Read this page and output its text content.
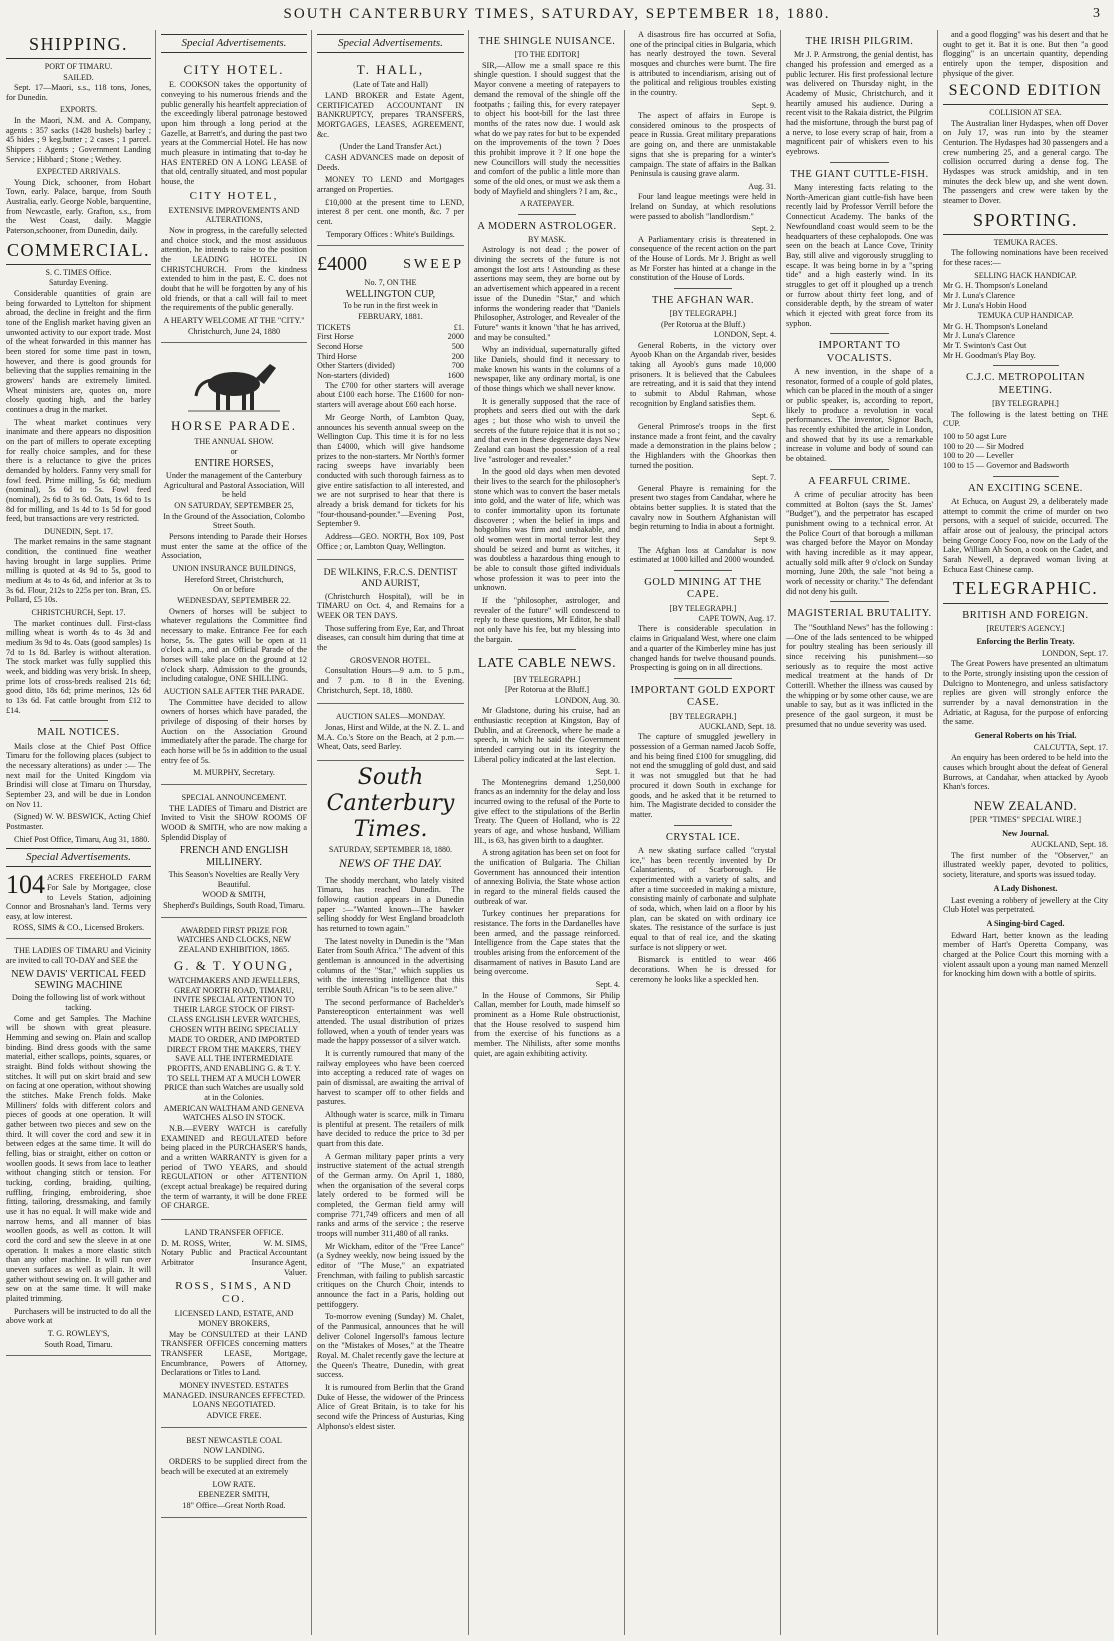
SOUTH CANTERBURY TIMES, SATURDAY, SEPTEMBER 18, 1880.	3
SHIPPING.
PORT OF TIMARU.
SAILED.

Sept. 17—Maori, s.s., 118 tons, Jones, for Dunedin.

EXPORTS.

In the Maori, N.M. and A. Company, agents : 357 sacks (1428 bushels) barley ; 45 hides ; 9 keg.butter ; 2 cases ; 1 parcel. Shippers : Agents ; Government Landing Service ; Hibbard ; Stone ; Wethey.

EXPECTED ARRIVALS.

Young Dick, schooner, from Hobart Town, early. Palace, barque, from South Australia, early. George Noble, barquentine, from Newcastle, early. Grafton, s.s., from the West Coast, daily. Maggie Paterson,schooner, from Dunedin, daily.

COMMERCIAL.
S. C. TIMES Office.
Saturday Evening.

Considerable quantities of grain are being forwarded to Lyttelton for shipment abroad, the decline in freight and the firm tone of the English market having given an unwonted activity to our export trade. Most of the wheat forwarded in this manner has been stored for some time past in town, however, and there is good grounds for believing that the supplies remaining in the growers' hands are extremely limited. Wheat ministers are, quotes on, more closely quoting high, and the barley continues a drug in the market.

The wheat market continues very inanimate and there appears no disposition on the part of millers to operate excepting for really choice samples, and for these there is a reluctance to give the prices demanded by holders. Fanny very small for fowl feed. Prime milling, 5s 6d; medium (nominal), 5s 6d to 5s. Fowl feed (nominal), 2s 6d to 3s 6d. Oats, 1s 6d to 1s 8d for milling, and 1s 4d to 1s 5d for good feed, but transactions are very restricted.

DUNEDIN, Sept. 17.

The market remains in the same stagnant condition, the continued fine weather having brought in large supplies. Prime milling is quoted at 4s 9d to 5s, good to medium at 4s to 4s 6d, and inferior at 3s to 3s 6d. Flour, 212s to 225s per ton. Bran, £5. Pollard, £5 10s.

CHRISTCHURCH, Sept. 17.

The market continues dull. First-class milling wheat is worth 4s to 4s 3d and medium 3s 9d to 4s. Oats (good samples) 1s 7d to 1s 8d. Barley is without alteration. The stock market was fully supplied this week, and bidding was very brisk. In sheep, prime lots of cross-breds realised 21s 6d; good ditto, 18s 6d; prime merinos, 12s 6d to 13s 6d. Fat cattle brought from £12 to £14.

MAIL NOTICES.

Mails close at the Chief Post Office Timaru for the following places (subject to the necessary alterations) as under :— The next mail for the United Kingdom via Brindisi will close at Timaru on Thursday, September 23, and will be due in London on Nov 11.

(Signed) W. W. BESWICK, Acting Chief Postmaster.

Chief Post Office, Timaru, Aug 31, 1880.

Special Advertisements.
104 ACRES FREEHOLD FARM For Sale by Mortgagee, close to Levels Station, adjoining Connor and Brosnahan's land. Terms very easy, at low interest.
ROSS, SIMS & CO., Licensed Brokers.

THE LADIES OF TIMARU and Vicinity are invited to call TO-DAY and SEE the

NEW DAVIS' VERTICAL FEED SEWING MACHINE
Doing the following list of work without tacking.

Come and get Samples. The Machine will be shown with great pleasure. Hemming and sewing on. Plain and scallop binding. Bind dress goods with the same material, either scallops, points, squares, or straight. Bind folds without showing the stitches. It will put on skirt braid and sew on facing at one operation, without showing the stitches. Make French folds. Make Milliners' folds with different colors and pieces of goods at one operation. It will gather between two pieces and sew on the third. It will cover the cord and sew it in between edges at the same time. It will do felling, bias or straight, either on cotton or woollen goods. It sews from lace to leather without changing stitch or tension. For tucking, cording, braiding, quilting, ruffling, fringing, embroidering, shoe fitting, tailoring, dressmaking, and family use it has no equal. It will make wide and narrow hems, and all manner of bias woollen goods, as well as cotton. It will cord the cord and sew the sleeve in at one operation. It makes a more elastic stitch than any other machine. It will run over uneven surfaces as well as plain. It will gather without sewing on. It will gather and sew on at the same time. It will make plaited trimming.

Purchasers will be instructed to do all the above work at

T. G. ROWLEY'S,
South Road, Timaru.
Special Advertisements.
CITY HOTEL.

E. COOKSON takes the opportunity of conveying to his numerous friends and the public generally his heartfelt appreciation of the exceedingly liberal patronage bestowed upon him through a long period at the Gazelle, at Barrett's, and during the past two years at the Commercial Hotel. He has now much pleasure in intimating that to-day he HAS ENTERED ON A LONG LEASE of that old, centrally situated, and most popular house, the

CITY HOTEL,
EXTENSIVE IMPROVEMENTS AND ALTERATIONS,

Now in progress, in the carefully selected and choice stock, and the most assiduous attention, he intends to raise to the position the LEADING HOTEL IN CHRISTCHURCH. From the kindness extended to him in the past, E. C. does not doubt that he will be forgotten by any of his old friends, or that a call will fail to meet the requirements of the public generally.

A HEARTY WELCOME AT THE "CITY."
Christchurch, June 24, 1880
HORSE PARADE.
THE ANNUAL SHOW.
or
ENTIRE HORSES,
Under the management of the Canterbury Agricultural and Pastoral Association, Will be held
ON SATURDAY, SEPTEMBER 25,
In the Ground of the Association, Colombo Street South.

Persons intending to Parade their Horses must enter the same at the office of the Association,

UNION INSURANCE BUILDINGS,
Hereford Street, Christchurch,
On or before
WEDNESDAY, SEPTEMBER 22.

Owners of horses will be subject to whatever regulations the Committee find necessary to make. Entrance Fee for each horse, 5s. The gates will be open at 11 o'clock a.m., and an Official Parade of the horses will take place on the ground at 12 o'clock sharp. Admission to the grounds, including catalogue, ONE SHILLING.

AUCTION SALE AFTER THE PARADE.

The Committee have decided to allow owners of horses which have paraded, the privilege of disposing of their horses by Auction on the Association Ground immediately after the parade. The charge for each horse will be 5s in addition to the usual entry fee of 5s.

M. MURPHY, Secretary.
SPECIAL ANNOUNCEMENT.

THE LADIES of Timaru and District are Invited to Visit the SHOW ROOMS OF WOOD & SMITH, who are now making a Splendid Display of

FRENCH AND ENGLISH MILLINERY.
This Season's Novelties are Really Very Beautiful.
WOOD & SMITH,
Shepherd's Buildings, South Road, Timaru.
AWARDED FIRST PRIZE FOR WATCHES AND CLOCKS, NEW ZEALAND EXHIBITION, 1865.
G. & T. YOUNG,
WATCHMAKERS AND JEWELLERS, GREAT NORTH ROAD, TIMARU, INVITE SPECIAL ATTENTION TO THEIR LARGE STOCK OF FIRST-CLASS ENGLISH LEVER WATCHES,
CHOSEN WITH BEING SPECIALLY MADE TO ORDER, AND IMPORTED DIRECT FROM THE MAKERS, THEY SAVE ALL THE INTERMEDIATE PROFITS, AND ENABLING G. & T. Y. TO SELL THEM AT A MUCH LOWER PRICE than such Watches are usually sold at in the Colonies.
AMERICAN WALTHAM AND GENEVA WATCHES ALSO IN STOCK.

N.B.—EVERY WATCH is carefully EXAMINED and REGULATED before being placed in the PURCHASER'S hands, and a written WARRANTY is given for a period of TWO YEARS, and should REGULATION or other ATTENTION (except actual breakage) be required during the term of warranty, it will be done FREE OF CHARGE.

LAND TRANSFER OFFICE.
D. M. ROSS, Writer, Notary Public and Arbitrator
W. M. SIMS, Practical Accountant Insurance Agent, Valuer.
ROSS, SIMS, AND CO.
LICENSED LAND, ESTATE, AND MONEY BROKERS,

May be CONSULTED at their LAND TRANSFER OFFICES concerning matters TRANSFER LEASE, Mortgage, Encumbrance, Powers of Attorney, Declarations or Titles to Land.

MONEY INVESTED. ESTATES MANAGED. INSURANCES EFFECTED. LOANS NEGOTIATED.
ADVICE FREE.
BEST NEWCASTLE COAL
NOW LANDING.

ORDERS to be supplied direct from the beach will be executed at an extremely

LOW RATE.
EBENEZER SMITH,
18" Office—Great North Road.
Special Advertisements.
T. HALL,
(Late of Tate and Hall)

LAND BROKER and Estate Agent, CERTIFICATED ACCOUNTANT IN BANKRUPTCY, prepares TRANSFERS, MORTGAGES, LEASES, AGREEMENT, &c.

(Under the Land Transfer Act.)

CASH ADVANCES made on deposit of Deeds.

MONEY TO LEND and Mortgages arranged on Properties.

£10,000 at the present time to LEND, interest 8 per cent. one month, &c. 7 per cent.

Temporary Offices : White's Buildings.
£4000	SWEEP
No. 7, ON THE
WELLINGTON CUP,
To be run in the first week in
FEBRUARY, 1881.
TICKETS	£1.
First Horse	2000
Second Horse	500
Third Horse	200
Other Starters (divided)	700
Non-starters (divided)	1600

The £700 for other starters will average about £100 each horse. The £1600 for non-starters will average about £60 each horse.

Mr George North, of Lambton Quay, announces his seventh annual sweep on the Wellington Cup. This time it is for no less than £4000, which will give handsome prizes to the non-starters. Mr North's former racing sweeps have invariably been conducted with such thorough fairness as to give entire satisfaction to all interested, and we are not surprised to hear that there is already a brisk demand for tickets for his "four-thousand-pounder."—Evening Post, September 9.

Address—GEO. NORTH, Box 109, Post Office ; or, Lambton Quay, Wellington.

DE WILKINS, F.R.C.S. DENTIST AND AURIST,

(Christchurch Hospital), will be in TIMARU on Oct. 4, and Remains for a WEEK OR TEN DAYS.

Those suffering from Eye, Ear, and Throat diseases, can consult him during that time at the

GROSVENOR HOTEL.

Consultation Hours—9 a.m. to 5 p.m., and 7 p.m. to 8 in the Evening. Christchurch, Sept. 18, 1880.

AUCTION SALES—MONDAY.

Jonas, Hirst and Wilde, at the N. Z. L. and M.A. Co.'s Store on the Beach, at 2 p.m.—Wheat, Oats, seed Barley.

South Canterbury Times.
SATURDAY, SEPTEMBER 18, 1880.
NEWS OF THE DAY.

The shoddy merchant, who lately visited Timaru, has reached Dunedin. The following caution appears in a Dunedin paper :—"Wanted known—The hawker selling shoddy for West England broadcloth has returned to town again."

The latest novelty in Dunedin is the "Man Eater from South Africa." The advent of this gentleman is announced in the advertising columns of the "Star," which supplies us with the interesting intelligence that this terrible South African "is to be seen alive."

The second performance of Bachelder's Panstereopticon entertainment was well attended. The usual distribution of prizes followed, when a youth of tender years was made the happy possessor of a silver watch.

It is currently rumoured that many of the railway employees who have been coerced into accepting a reduced rate of wages on pain of dismissal, are awaiting the arrival of harvest to scamper off to other fields and pastures.

Although water is scarce, milk in Timaru is plentiful at present. The retailers of milk have decided to reduce the price to 3d per quart from this date.

A German military paper prints a very instructive statement of the actual strength of the German army. On April 1, 1880, when the organisation of the several corps lately ordered to be formed will be completed, the German field army will comprise 771,749 officers and men of all ranks and arms of the service ; the reserve troops will number 311,480 of all ranks.

Mr Wickham, editor of the "Free Lance" (a Sydney weekly, now being issued by the editor of "The Muse," an expatriated Frenchman, with failing to publish sarcastic critiques on the Church Choir, intends to announce the fact in a Paris, holding out pettifoggery.

To-morrow evening (Sunday) M. Chalet, of the Panmusical, announces that he will deliver Colonel Ingersoll's famous lecture on the "Mistakes of Moses," at the Theatre Royal. M. Chalet recently gave the lecture at the Queen's Theatre, Dunedin, with great success.

It is rumoured from Berlin that the Grand Duke of Hesse, the widower of the Princess Alice of Great Britain, is to take for his second wife the Princess of Austurias, King Alphonso's eldest sister.

THE SHINGLE NUISANCE.
[TO THE EDITOR]

SIR,—Allow me a small space re this shingle question. I should suggest that the Mayor convene a meeting of ratepayers to demand the removal of the shingle off the footpaths ; failing this, for every ratepayer to object his boot-bill for the last three months of the rates now due. I would ask what do we pay rates for but to be expended on the improvements of the town ? Does this prohibit improve it ? If one hope the new Councillors will study the necessities and comfort of the public a little more than some of the old ones, or must we ask them a body of Mayfield and shinglers ? I am, &c.,

A RATEPAYER.
A MODERN ASTROLOGER.
BY MASK.

Astrology is not dead ; the power of divining the secrets of the future is not amongst the lost arts ! Astounding as these assertions may seem, they are borne out by an advertisement which appeared in a recent issue of the Dunedin "Star," and which informs the wondering reader that "Daniels Philosopher, Astrologer, and Revealer of the Future" wants it known "that he has arrived, and may be consulted."

Why an individual, supernaturally gifted like Daniels, should find it necessary to make known his wants in the columns of a newspaper, like any ordinary mortal, is one of those things which we shall never know.

It is generally supposed that the race of prophets and seers died out with the dark ages ; but those who wish to unveil the secrets of the future rejoice that it is not so ; and that even in these degenerate days New Zealand can boast the possession of a real live "astrologer and revealer."

In the good old days when men devoted their lives to the search for the philosopher's stone which was to convert the baser metals into gold, and the water of life, which was to confer immortality upon its fortunate discoverer ; when the belief in imps and hobgoblins was firm and unshakable, and old women went in mortal terror lest they should be seized and burnt as witches, it was doubtless a hazardous thing enough to be able to consult those gifted individuals whose profession it was to peer into the unknown.

If the "philosopher, astrologer, and revealer of the future" will condescend to reply to these questions, Mr Editor, he shall not only have his fee, but my blessing into the bargain.

LATE CABLE NEWS.
[BY TELEGRAPH.]
[Per Rotorua at the Bluff.]
LONDON, Aug. 30.

Mr Gladstone, during his cruise, had an enthusiastic reception at Kingston, Bay of Dublin, and at Greenock, where he made a speech, in which he said the Government intended carrying out in its integrity the Liberal policy indicated at the last election.

Sept. 1.

The Montenegrins demand 1,250,000 francs as an indemnity for the delay and loss incurred owing to the refusal of the Porte to give effect to the stipulations of the Berlin Treaty. The Queen of Holland, who is 22 years of age, and whose husband, William III., is 63, has given birth to a daughter.

A strong agitation has been set on foot for the unification of Bulgaria. The Chilian Government has announced their intention of annexing Bolivia, the State whose action in regard to the mineral fields caused the outbreak of war.

Turkey continues her preparations for resistance. The forts in the Dardanelles have been armed, and the passage reinforced. Intelligence from the Cape states that the troubles arising from the enforcement of the disarmament of natives in Basuto Land are being overcome.

Sept. 4.

In the House of Commons, Sir Philip Callan, member for Louth, made himself so prominent as a Home Rule obstructionist, that the House resolved to suspend him from the exercise of his functions as a member. The Nihilists, after some months quiet, are again exhibiting activity.

A disastrous fire has occurred at Sofia, one of the principal cities in Bulgaria, which has nearly destroyed the town. Several mosques and churches were burnt. The fire is attributed to incendiarism, arising out of the political and religious troubles existing in the country.

Sept. 9.

The aspect of affairs in Europe is considered ominous to the prospects of peace in Russia. Great military preparations are going on, and there are unmistakable signs that she is preparing for a winter's campaign. The state of affairs in the Balkan Peninsula is causing grave alarm.

Aug. 31.

Four land league meetings were held in Ireland on Sunday, at which resolutions were passed to abolish "landlordism."

Sept. 2.

A Parliamentary crisis is threatened in consequence of the recent action on the part of the House of Lords. Mr J. Bright as well as Mr Forster has hinted at a change in the constitution of the House of Lords.

THE AFGHAN WAR.
[BY TELEGRAPH.]
(Per Rotorua at the Bluff.)
LONDON, Sept. 4.

General Roberts, in the victory over Ayoob Khan on the Argandab river, besides taking all Ayoob's guns made 10,000 prisoners. It is believed that the Cabulees are retreating, and it is said that they intend to submit to Abdul Rahman, whose recognition by England satisfies them.

Sept. 6.

General Primrose's troops in the first instance made a front feint, and the cavalry made a demonstration in the plains below ; the Highlanders with the Ghoorkas then turned the position.

Sept. 7.

General Phayre is remaining for the present two stages from Candahar, where he obtains better supplies. It is stated that the cavalry now in Southern Afghanistan will begin returning to India in about a fortnight.

Sept 9.

The Afghan loss at Candahar is now estimated at 1000 killed and 2000 wounded.

GOLD MINING AT THE CAPE.
[BY TELEGRAPH.]
CAPE TOWN, Aug. 17.

There is considerable speculation in claims in Griqualand West, where one claim and a quarter of the Kimberley mine has just changed hands for twelve thousand pounds. Prospecting is going on in all directions.

IMPORTANT GOLD EXPORT CASE.
[BY TELEGRAPH.]
AUCKLAND, Sept. 18.

The capture of smuggled jewellery in possession of a German named Jacob Soffe, and his being fined £100 for smuggling, did not end the smuggling of gold dust, and said it was not smuggled but that he had procured it down South in exchange for goods, and he asked that it be returned to him. The Magistrate decided to consider the matter.

CRYSTAL ICE.

A new skating surface called "crystal ice," has been recently invented by Dr Calantarients, of Scarborough. He experimented with a variety of salts, and after a time succeeded in making a mixture, consisting mainly of carbonate and sulphate of soda, which, when laid on a floor by his plan, can be skated on with ordinary ice skates. The resistance of the surface is just equal to that of real ice, and the skating surface is not slippery or wet.

Bismarck is entitled to wear 466 decorations. When he is dressed for ceremony he looks like a speckled hen.

THE IRISH PILGRIM.

Mr J. P. Armstrong, the genial dentist, has changed his profession and emerged as a public lecturer. His first professional lecture was delivered on Thursday night, in the Academy of Music, Christchurch, and it heartily amused his audience. During a recent visit to the Rakaia district, the Pilgrim had the misfortune, through the burst pag of a nerve, to lose every scrap of hair, from a magnificent pair of whiskers even to his eyebrows.

THE GIANT CUTTLE-FISH.

Many interesting facts relating to the North-American giant cuttle-fish have been recently laid by Professor Verrill before the Connecticut Academy. The banks of the Newfoundland coast would seem to be the headquarters of these cephalopods. One was seen on the beach at Lance Cove, Trinity Bay, still alive and vigorously struggling to escape. It was being borne in by a "spring tide" and a high easterly wind. In its struggles to get off it ploughed up a trench or furrow about thirty feet long, and of considerable depth, by the stream of water which it ejected with great force from its syphon.

IMPORTANT TO VOCALISTS.

A new invention, in the shape of a resonator, formed of a couple of gold plates, which can be placed in the mouth of a singer or public speaker, is, according to report, likely to produce a revolution in vocal performances. The inventor, Signor Bach, has recently exhibited the article in London, and showed that by its use a remarkable increase in volume and body of sound can be obtained.

A FEARFUL CRIME.

A crime of peculiar atrocity has been committed at Bolton (says the St. James' "Budget"), and the perpetrator has escaped punishment owing to a technical error. At the Police Court of that borough a milkman was charged before the Mayor on Monday with having incredible as it may appear, actually sold milk after 9 o'clock on Sunday morning, June 20th, the sale "not being a work of necessity or charity." The defendant did not deny his guilt.

MAGISTERIAL BRUTALITY.

The "Southland News" has the following :—One of the lads sentenced to be whipped for poultry stealing has been seriously ill since receiving his punishment—so seriously as to require the most active medical treatment at the hands of Dr Cotterill. Whether the illness was caused by the whipping or by some other cause, we are unable to say, but as it was inflicted in the presence of the gaol surgeon, it must be presumed that no undue severity was used.

and a good flogging" was his desert and that he ought to get it. Bat it is one. But then "a good flogging" is an uncertain quantity, depending entirely upon the temper, disposition and physique of the giver.

SECOND EDITION
COLLISION AT SEA.

The Australian liner Hydaspes, when off Dover on July 17, was run into by the steamer Centurion. The Hydaspes had 30 passengers and a crew numbering 25, and a general cargo. The collision occurred during a dense fog. The Hydaspes was struck amidship, and in ten minutes the deck blew up, and she went down. The passengers and crew were taken by the steamer to Dover.

SPORTING.
TEMUKA RACES.

The following nominations have been received for these races:—

SELLING HACK HANDICAP.
Mr G. H. Thompson's Loneland
Mr J. Luna's Clarence
Mr J. Luna's Hobin Hood
TEMUKA CUP HANDICAP.
Mr G. H. Thompson's Loneland
Mr J. Luna's Clarence
Mr T. Swinton's Cast Out
Mr H. Goodman's Play Boy.
C.J.C. METROPOLITAN MEETING.
[BY TELEGRAPH.]

The following is the latest betting on THE CUP.

100 to 50 agst Lure
100 to 20 — Sir Modred
100 to 20 — Leveller
100 to 15 — Governor and Badsworth
AN EXCITING SCENE.

At Echuca, on August 29, a deliberately made attempt to commit the crime of murder on two persons, with a sequel of suicide, occurred. The affair arose out of jealousy, the principal actors being George Coocy Foo, now on the Lady of the Lake, William Ah Soon, a cook on the Cadet, and Sarah Newell, a depraved woman living at Echuca East Chinese camp.

TELEGRAPHIC.
BRITISH AND FOREIGN.
[REUTER'S AGENCY.]
Enforcing the Berlin Treaty.
LONDON, Sept. 17.

The Great Powers have presented an ultimatum to the Porte, strongly insisting upon the cession of Dulcigno to Montenegro, and unless satisfactory replies are given will strongly enforce the surrender by a naval demonstration in the Adriatic, at Ragusa, for the purpose of enforcing the same.

General Roberts on his Trial.
CALCUTTA, Sept. 17.

An enquiry has been ordered to be held into the causes which brought about the defeat of General Burrows, at Candahar, when attacked by Ayoob Khan's forces.

NEW ZEALAND.
[PER "TIMES" SPECIAL WIRE.]
New Journal.
AUCKLAND, Sept. 18.

The first number of the "Observer," an illustrated weekly paper, devoted to politics, society, literature, and sports was issued today.

A Lady Dishonest.

Last evening a robbery of jewellery at the City Club Hotel was perpetrated.

A Singing-bird Caged.

Edward Hart, better known as the leading member of Hart's Operetta Company, was charged at the Police Court this morning with a violent assault upon a young man named Menzell for knocking him down with a bottle of spirits.
